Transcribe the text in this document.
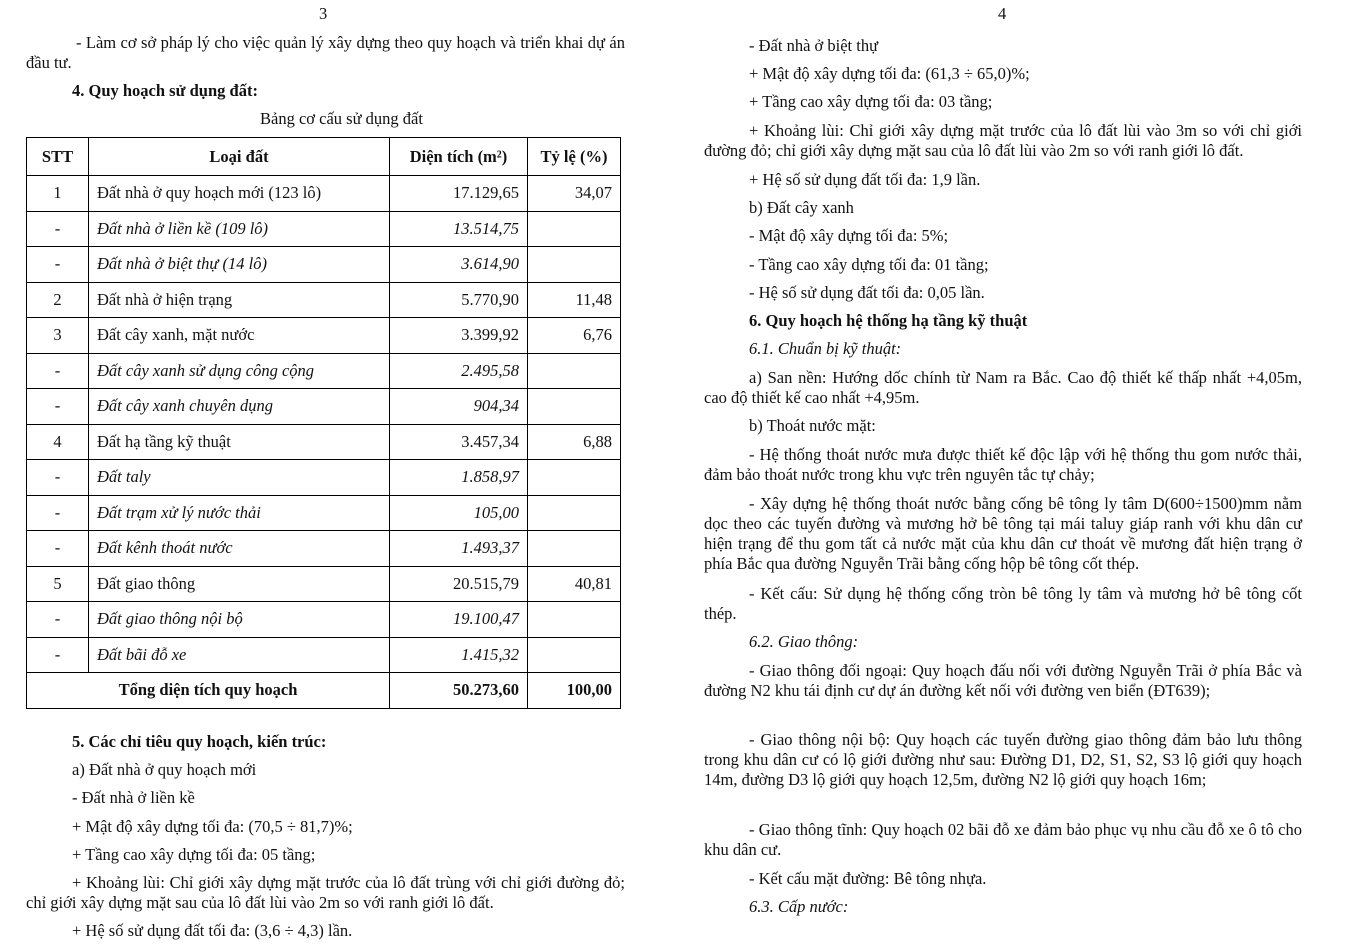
3
- Làm cơ sở pháp lý cho việc quản lý xây dựng theo quy hoạch và triển khai dự án đầu tư.
4. Quy hoạch sử dụng đất:
Bảng cơ cấu sử dụng đất
STT	Loại đất	Diện tích (m²)	Tỷ lệ (%)
1	Đất nhà ở quy hoạch mới (123 lô)	17.129,65	34,07
-	Đất nhà ở liền kề (109 lô)	13.514,75	
-	Đất nhà ở biệt thự (14 lô)	3.614,90	
2	Đất nhà ở hiện trạng	5.770,90	11,48
3	Đất cây xanh, mặt nước	3.399,92	6,76
-	Đất cây xanh sử dụng công cộng	2.495,58	
-	Đất cây xanh chuyên dụng	904,34	
4	Đất hạ tầng kỹ thuật	3.457,34	6,88
-	Đất taly	1.858,97	
-	Đất trạm xử lý nước thải	105,00	
-	Đất kênh thoát nước	1.493,37	
5	Đất giao thông	20.515,79	40,81
-	Đất giao thông nội bộ	19.100,47	
-	Đất bãi đỗ xe	1.415,32	
Tổng diện tích quy hoạch		50.273,60	100,00
5. Các chỉ tiêu quy hoạch, kiến trúc:
a) Đất nhà ở quy hoạch mới
- Đất nhà ở liền kề
+ Mật độ xây dựng tối đa: (70,5 ÷ 81,7)%;
+ Tầng cao xây dựng tối đa: 05 tầng;
+ Khoảng lùi: Chỉ giới xây dựng mặt trước của lô đất trùng với chỉ giới đường đỏ; chỉ giới xây dựng mặt sau của lô đất lùi vào 2m so với ranh giới lô đất.
+ Hệ số sử dụng đất tối đa: (3,6 ÷ 4,3) lần.
4
- Đất nhà ở biệt thự
+ Mật độ xây dựng tối đa: (61,3 ÷ 65,0)%;
+ Tầng cao xây dựng tối đa: 03 tầng;
+ Khoảng lùi: Chỉ giới xây dựng mặt trước của lô đất lùi vào 3m so với chỉ giới đường đỏ; chỉ giới xây dựng mặt sau của lô đất lùi vào 2m so với ranh giới lô đất.
+ Hệ số sử dụng đất tối đa: 1,9 lần.
b) Đất cây xanh
- Mật độ xây dựng tối đa: 5%;
- Tầng cao xây dựng tối đa: 01 tầng;
- Hệ số sử dụng đất tối đa: 0,05 lần.
6. Quy hoạch hệ thống hạ tầng kỹ thuật
6.1. Chuẩn bị kỹ thuật:
a) San nền: Hướng dốc chính từ Nam ra Bắc. Cao độ thiết kế thấp nhất +4,05m, cao độ thiết kế cao nhất +4,95m.
b) Thoát nước mặt:
- Hệ thống thoát nước mưa được thiết kế độc lập với hệ thống thu gom nước thải, đảm bảo thoát nước trong khu vực trên nguyên tắc tự chảy;
- Xây dựng hệ thống thoát nước bằng cống bê tông ly tâm D(600÷1500)mm nằm dọc theo các tuyến đường và mương hở bê tông tại mái taluy giáp ranh với khu dân cư hiện trạng để thu gom tất cả nước mặt của khu dân cư thoát về mương đất hiện trạng ở phía Bắc qua đường Nguyễn Trãi bằng cống hộp bê tông cốt thép.
- Kết cấu: Sử dụng hệ thống cống tròn bê tông ly tâm và mương hở bê tông cốt thép.
6.2. Giao thông:
- Giao thông đối ngoại: Quy hoạch đấu nối với đường Nguyễn Trãi ở phía Bắc và đường N2 khu tái định cư dự án đường kết nối với đường ven biển (ĐT639);
- Giao thông nội bộ: Quy hoạch các tuyến đường giao thông đảm bảo lưu thông trong khu dân cư có lộ giới đường như sau: Đường D1, D2, S1, S2, S3 lộ giới quy hoạch 14m, đường D3 lộ giới quy hoạch 12,5m, đường N2 lộ giới quy hoạch 16m;
- Giao thông tĩnh: Quy hoạch 02 bãi đỗ xe đảm bảo phục vụ nhu cầu đỗ xe ô tô cho khu dân cư.
- Kết cấu mặt đường: Bê tông nhựa.
6.3. Cấp nước:
